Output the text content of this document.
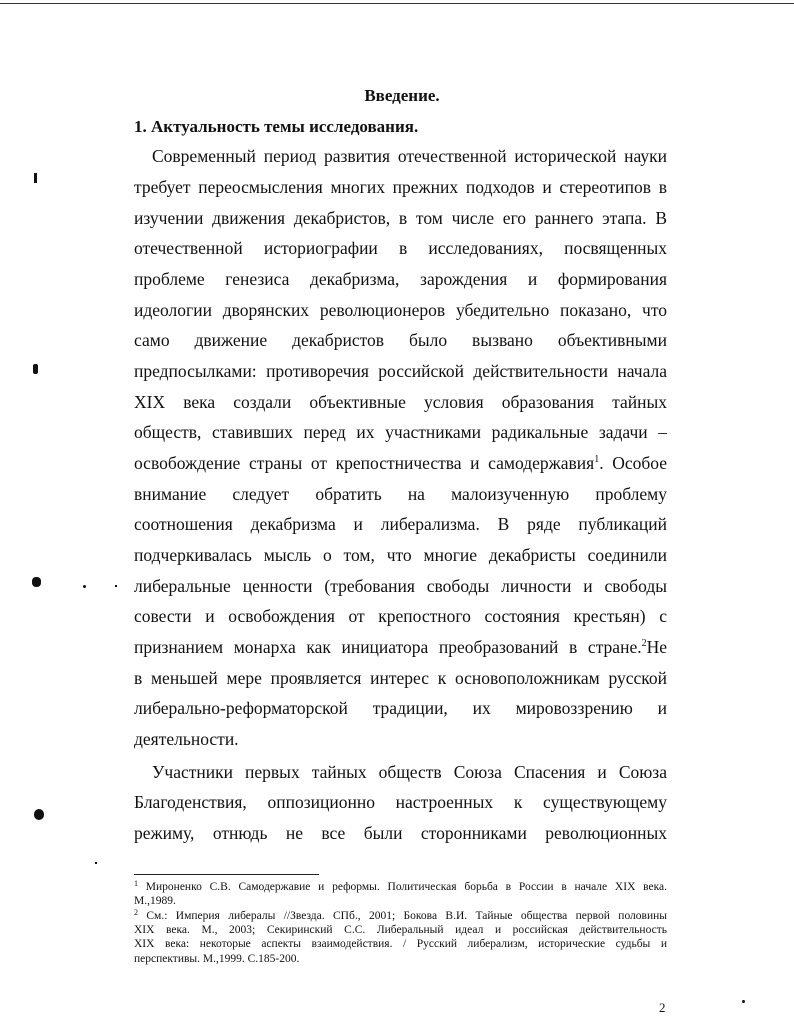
Введение.
1. Актуальность темы исследования.
Современный период развития отечественной исторической науки
требует переосмысления многих прежних подходов и стереотипов в
изучении движения декабристов, в том числе его раннего этапа. В
отечественной историографии в исследованиях, посвященных
проблеме генезиса декабризма, зарождения и формирования
идеологии дворянских революционеров убедительно показано, что
само движение декабристов было вызвано объективными
предпосылками: противоречия российской действительности начала
XIX века создали объективные условия образования тайных
обществ, ставивших перед их участниками радикальные задачи –
освобождение страны от крепостничества и самодержавия$^1$. Особое
внимание следует обратить на малоизученную проблему
соотношения декабризма и либерализма. В ряде публикаций
подчеркивалась мысль о том, что многие декабристы соединили
либеральные ценности (требования свободы личности и свободы
совести и освобождения от крепостного состояния крестьян) с
признанием монарха как инициатора преобразований в стране.$^2$Не
в меньшей мере проявляется интерес к основоположникам русской
либерально-реформаторской традиции, их мировоззрению и
деятельности.
Участники первых тайных обществ Союза Спасения и Союза
Благоденствия, оппозиционно настроенных к существующему
режиму, отнюдь не все были сторонниками революционных
$^1$ Мироненко С.В. Самодержавие и реформы. Политическая борьба в России в начале XIX века.
М.,1989.
$^2$ См.: Империя либералы //Звезда. СПб., 2001; Бокова В.И. Тайные общества первой половины
XIX века. М., 2003; Секиринский С.С. Либеральный идеал и российская действительность
XIX века: некоторые аспекты взаимодействия. / Русский либерализм, исторические судьбы и
перспективы. М.,1999. С.185-200.
2
